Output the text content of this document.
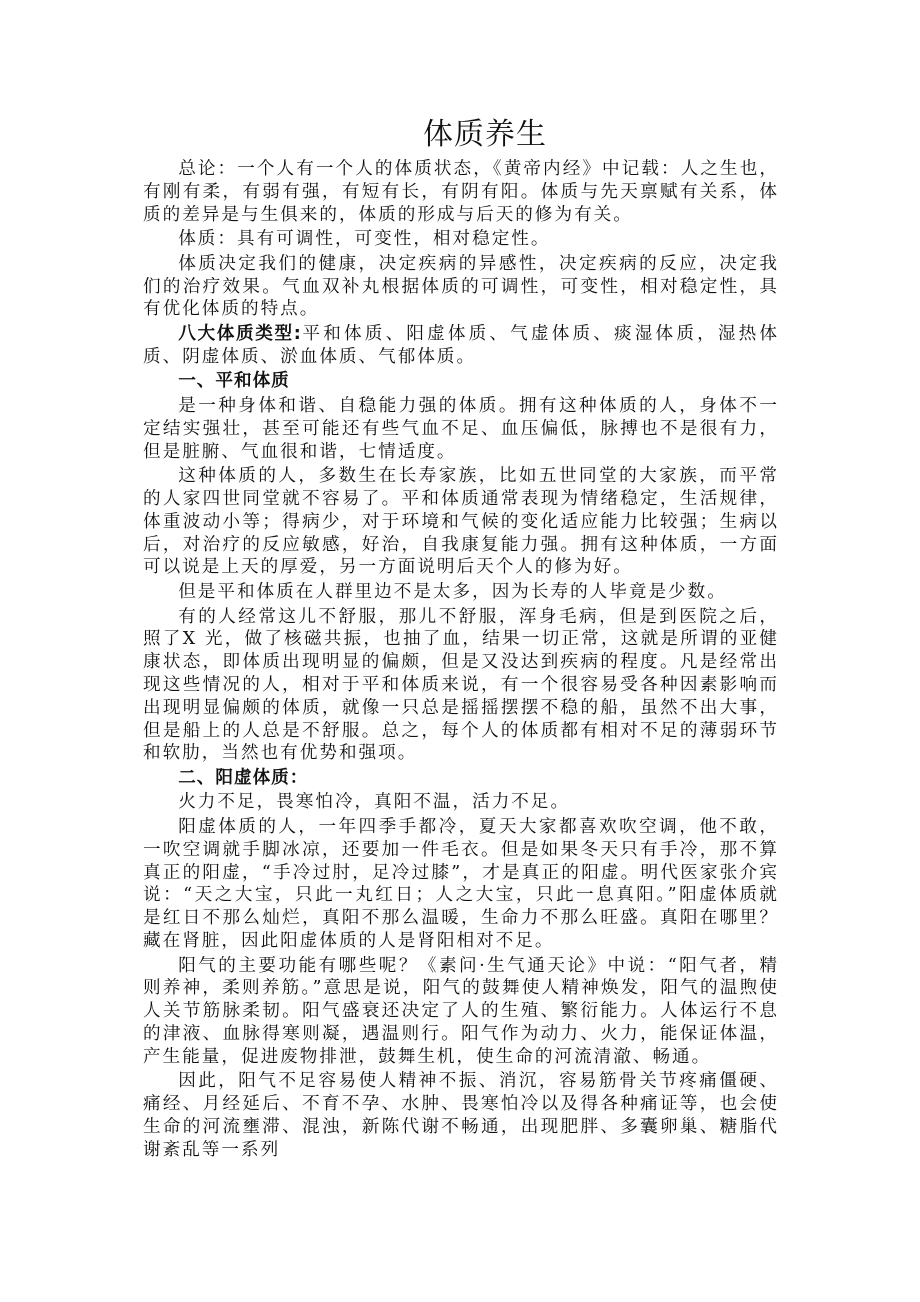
体质养生

总论：一个人有一个人的体质状态，《黄帝内经》中记载：人之生也，有刚有柔，有弱有强，有短有长，有阴有阳。体质与先天禀赋有关系，体质的差异是与生俱来的，体质的形成与后天的修为有关。

体质：具有可调性，可变性，相对稳定性。

体质决定我们的健康，决定疾病的异感性，决定疾病的反应，决定我们的治疗效果。气血双补丸根据体质的可调性，可变性，相对稳定性，具有优化体质的特点。

八大体质类型:平和体质、阳虚体质、气虚体质、痰湿体质，湿热体质、阴虚体质、淤血体质、气郁体质。

一、平和体质

是一种身体和谐、自稳能力强的体质。拥有这种体质的人，身体不一定结实强壮，甚至可能还有些气血不足、血压偏低，脉搏也不是很有力，但是脏腑、气血很和谐，七情适度。

这种体质的人，多数生在长寿家族，比如五世同堂的大家族，而平常的人家四世同堂就不容易了。平和体质通常表现为情绪稳定，生活规律，体重波动小等；得病少，对于环境和气候的变化适应能力比较强；生病以后，对治疗的反应敏感，好治，自我康复能力强。拥有这种体质，一方面可以说是上天的厚爱，另一方面说明后天个人的修为好。

但是平和体质在人群里边不是太多，因为长寿的人毕竟是少数。

有的人经常这儿不舒服，那儿不舒服，浑身毛病，但是到医院之后，照了X 光，做了核磁共振，也抽了血，结果一切正常，这就是所谓的亚健康状态，即体质出现明显的偏颇，但是又没达到疾病的程度。凡是经常出现这些情况的人，相对于平和体质来说，有一个很容易受各种因素影响而出现明显偏颇的体质，就像一只总是摇摇摆摆不稳的船，虽然不出大事，但是船上的人总是不舒服。总之，每个人的体质都有相对不足的薄弱环节和软肋，当然也有优势和强项。

二、阳虚体质：

火力不足，畏寒怕冷，真阳不温，活力不足。

阳虚体质的人，一年四季手都冷，夏天大家都喜欢吹空调，他不敢，一吹空调就手脚冰凉，还要加一件毛衣。但是如果冬天只有手冷，那不算真正的阳虚，“手冷过肘，足冷过膝”，才是真正的阳虚。明代医家张介宾说：“天之大宝，只此一丸红日；人之大宝，只此一息真阳。”阳虚体质就是红日不那么灿烂，真阳不那么温暖，生命力不那么旺盛。真阳在哪里？藏在肾脏，因此阳虚体质的人是肾阳相对不足。

阳气的主要功能有哪些呢？《素问·生气通天论》中说：“阳气者，精则养神，柔则养筋。”意思是说，阳气的鼓舞使人精神焕发，阳气的温煦使人关节筋脉柔韧。阳气盛衰还决定了人的生殖、繁衍能力。人体运行不息的津液、血脉得寒则凝，遇温则行。阳气作为动力、火力，能保证体温，产生能量，促进废物排泄，鼓舞生机，使生命的河流清澈、畅通。

因此，阳气不足容易使人精神不振、消沉，容易筋骨关节疼痛僵硬、痛经、月经延后、不育不孕、水肿、畏寒怕冷以及得各种痛证等，也会使生命的河流壅滞、混浊，新陈代谢不畅通，出现肥胖、多囊卵巢、糖脂代谢紊乱等一系列
